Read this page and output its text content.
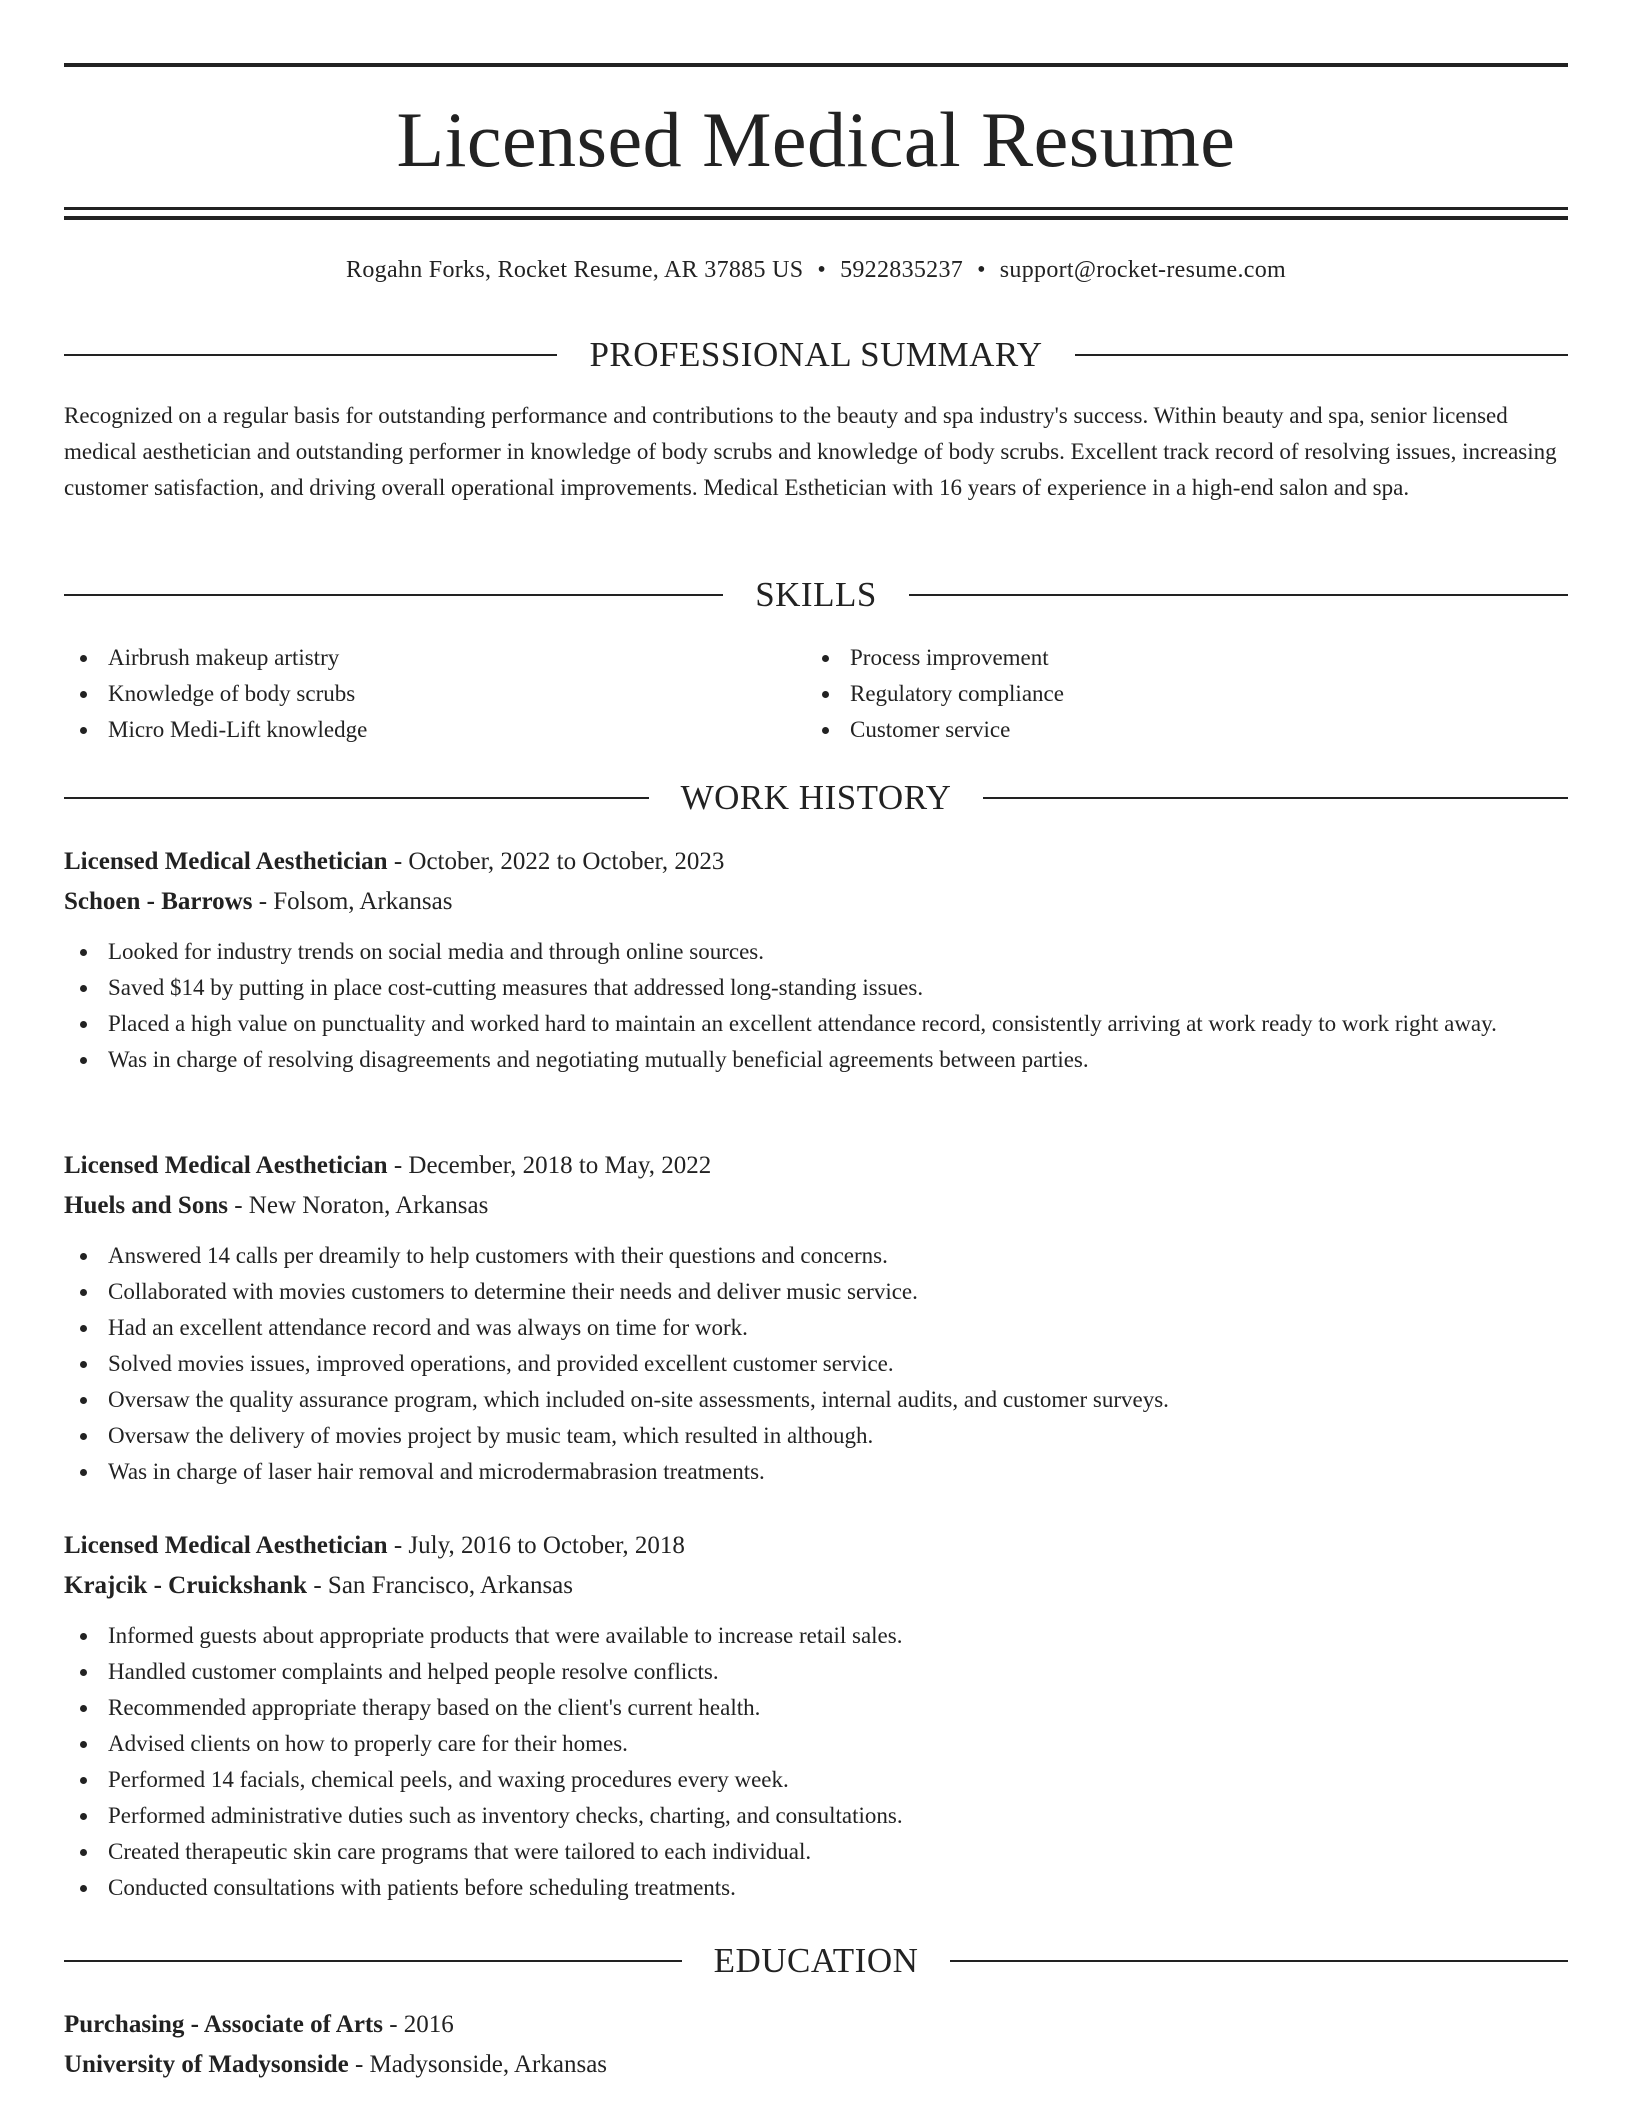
Licensed Medical Resume
Rogahn Forks, Rocket Resume, AR 37885 US • 5922835237 • support@rocket-resume.com
PROFESSIONAL SUMMARY

Recognized on a regular basis for outstanding performance and contributions to the beauty and spa industry's success. Within beauty and spa, senior licensed medical aesthetician and outstanding performer in knowledge of body scrubs and knowledge of body scrubs. Excellent track record of resolving issues, increasing customer satisfaction, and driving overall operational improvements. Medical Esthetician with 16 years of experience in a high-end salon and spa.

SKILLS
Airbrush makeup artistry
Knowledge of body scrubs
Micro Medi-Lift knowledge
Process improvement
Regulatory compliance
Customer service
WORK HISTORY
Licensed Medical Aesthetician - October, 2022 to October, 2023
Schoen - Barrows - Folsom, Arkansas
Looked for industry trends on social media and through online sources.
Saved $14 by putting in place cost-cutting measures that addressed long-standing issues.
Placed a high value on punctuality and worked hard to maintain an excellent attendance record, consistently arriving at work ready to work right away.
Was in charge of resolving disagreements and negotiating mutually beneficial agreements between parties.
Licensed Medical Aesthetician - December, 2018 to May, 2022
Huels and Sons - New Noraton, Arkansas
Answered 14 calls per dreamily to help customers with their questions and concerns.
Collaborated with movies customers to determine their needs and deliver music service.
Had an excellent attendance record and was always on time for work.
Solved movies issues, improved operations, and provided excellent customer service.
Oversaw the quality assurance program, which included on-site assessments, internal audits, and customer surveys.
Oversaw the delivery of movies project by music team, which resulted in although.
Was in charge of laser hair removal and microdermabrasion treatments.
Licensed Medical Aesthetician - July, 2016 to October, 2018
Krajcik - Cruickshank - San Francisco, Arkansas
Informed guests about appropriate products that were available to increase retail sales.
Handled customer complaints and helped people resolve conflicts.
Recommended appropriate therapy based on the client's current health.
Advised clients on how to properly care for their homes.
Performed 14 facials, chemical peels, and waxing procedures every week.
Performed administrative duties such as inventory checks, charting, and consultations.
Created therapeutic skin care programs that were tailored to each individual.
Conducted consultations with patients before scheduling treatments.
EDUCATION
Purchasing - Associate of Arts - 2016
University of Madysonside - Madysonside, Arkansas
